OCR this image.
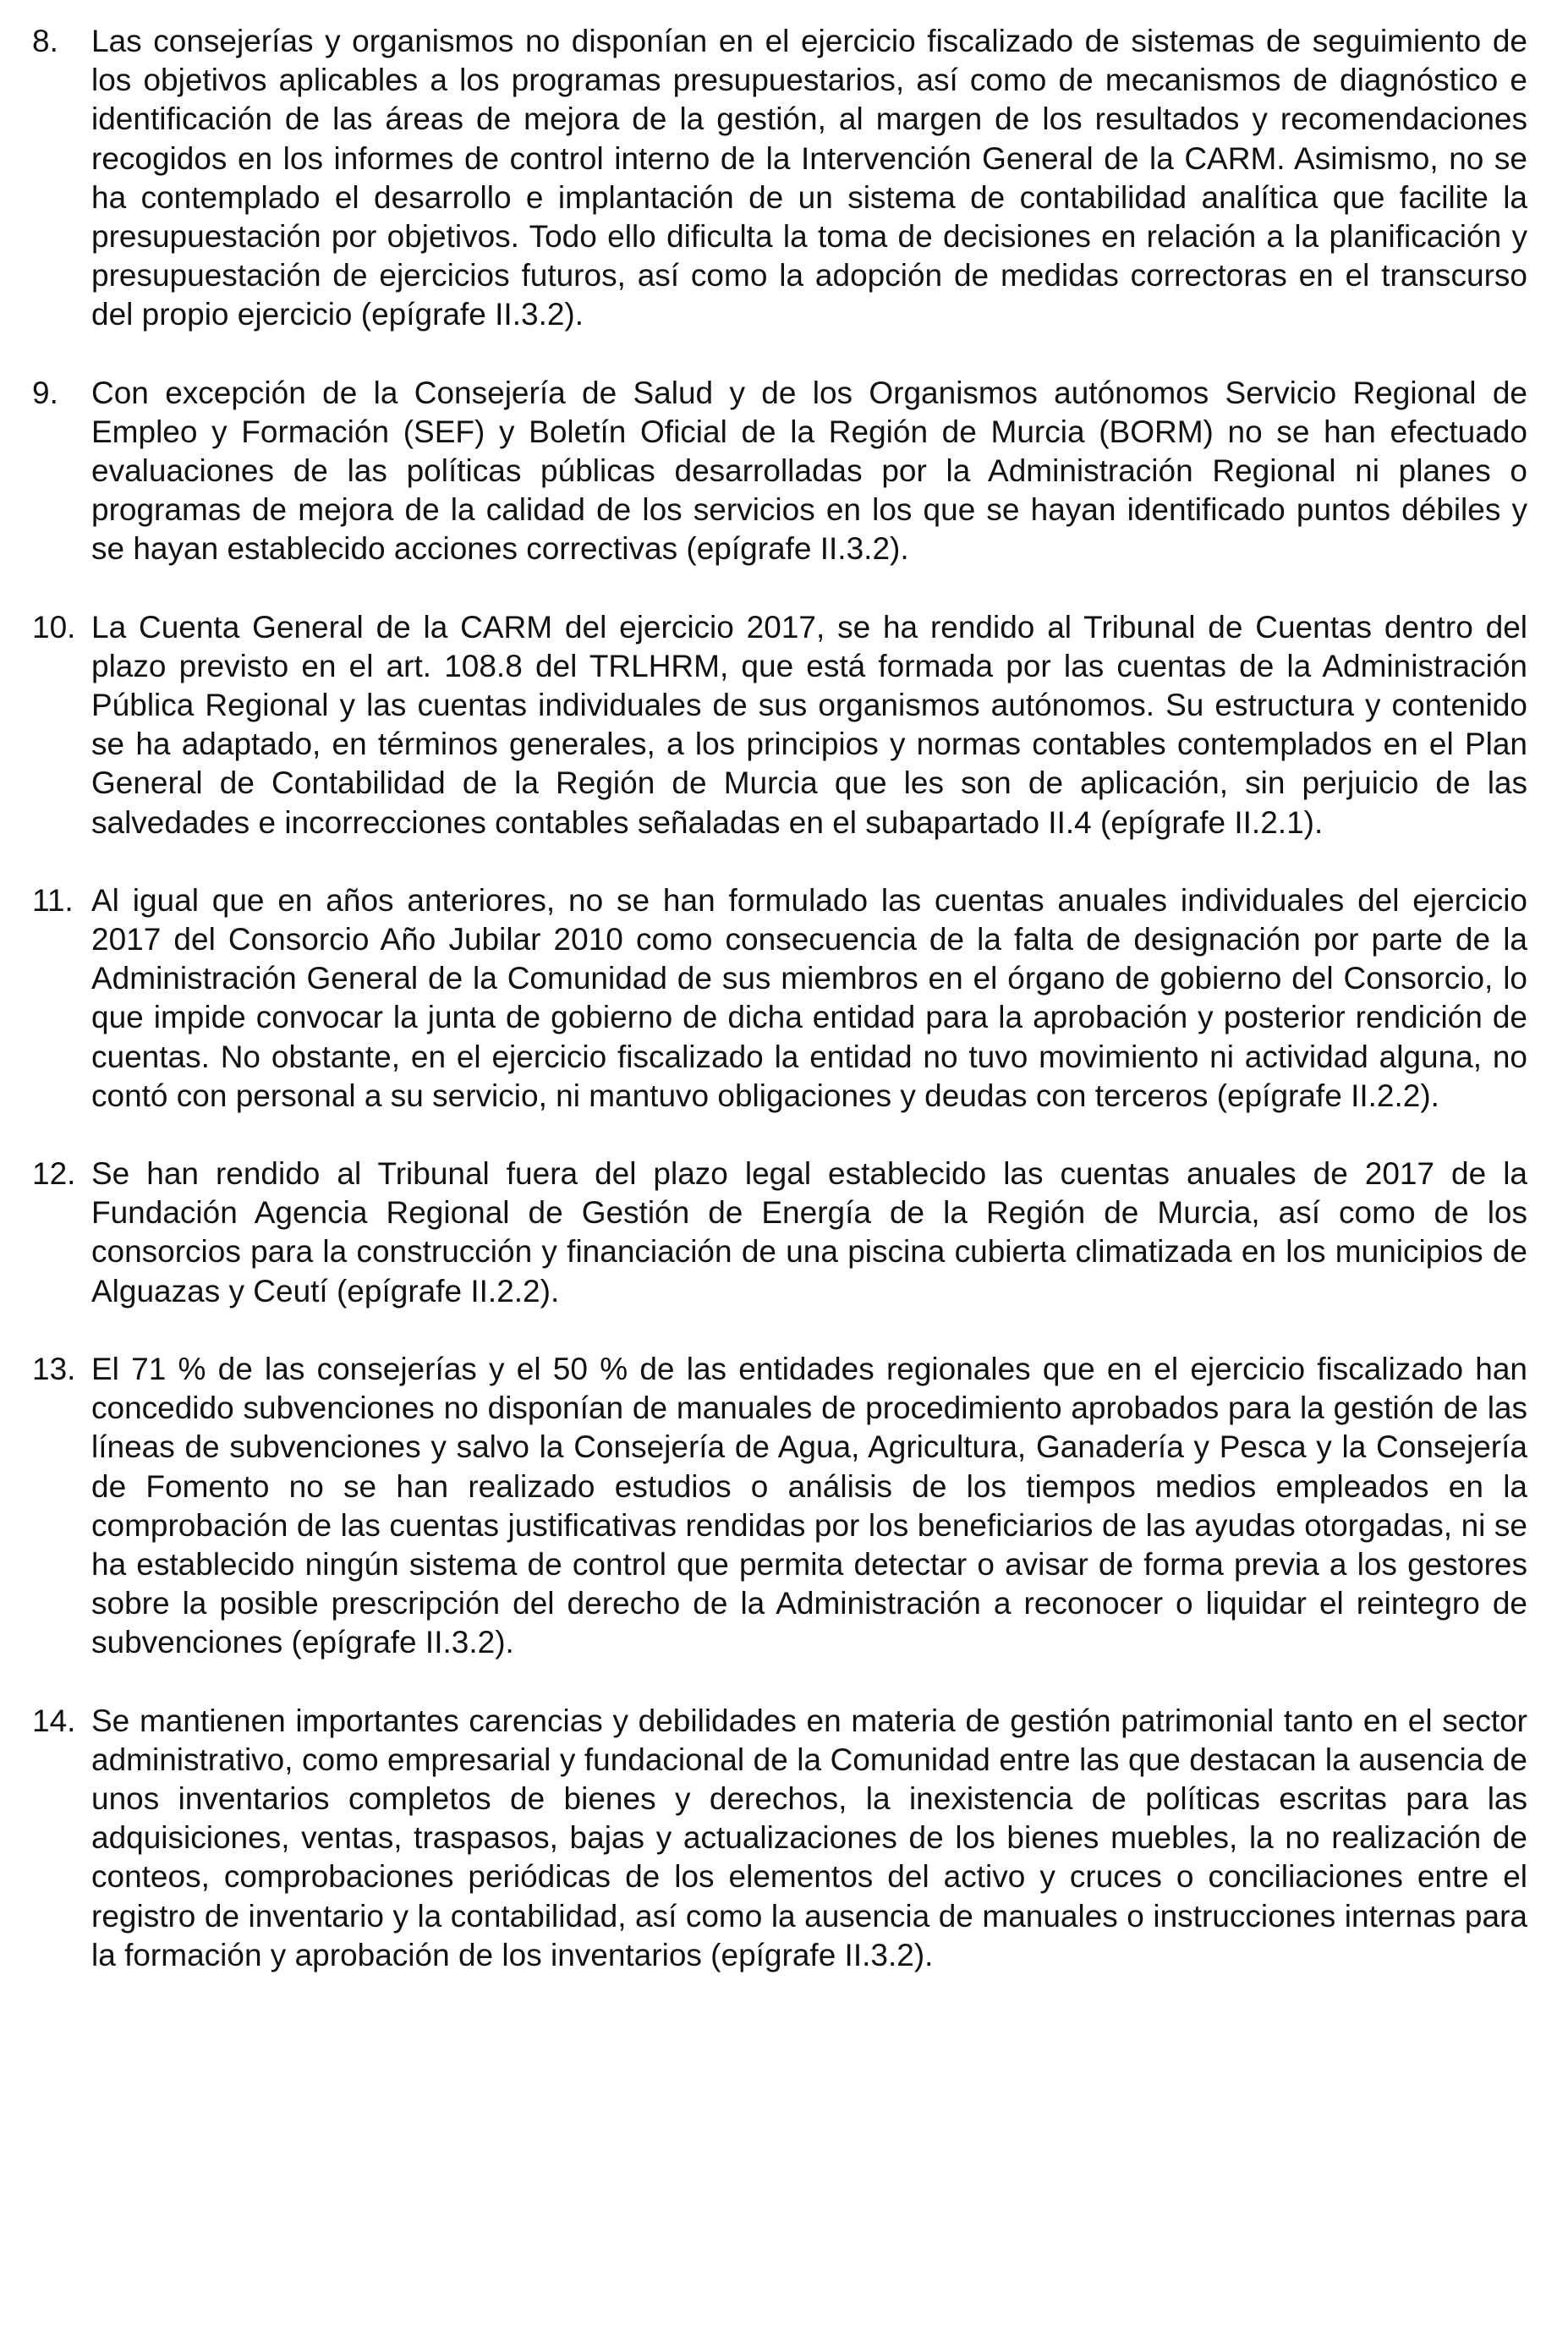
8.	Las consejerías y organismos no disponían en el ejercicio fiscalizado de sistemas de seguimiento de los objetivos aplicables a los programas presupuestarios, así como de mecanismos de diagnóstico e identificación de las áreas de mejora de la gestión, al margen de los resultados y recomendaciones recogidos en los informes de control interno de la Intervención General de la CARM. Asimismo, no se ha contemplado el desarrollo e implantación de un sistema de contabilidad analítica que facilite la presupuestación por objetivos. Todo ello dificulta la toma de decisiones en relación a la planificación y presupuestación de ejercicios futuros, así como la adopción de medidas correctoras en el transcurso del propio ejercicio (epígrafe II.3.2).
9.	Con excepción de la Consejería de Salud y de los Organismos autónomos Servicio Regional de Empleo y Formación (SEF) y Boletín Oficial de la Región de Murcia (BORM) no se han efectuado evaluaciones de las políticas públicas desarrolladas por la Administración Regional ni planes o programas de mejora de la calidad de los servicios en los que se hayan identificado puntos débiles y se hayan establecido acciones correctivas (epígrafe II.3.2).
10. La Cuenta General de la CARM del ejercicio 2017, se ha rendido al Tribunal de Cuentas dentro del plazo previsto en el art. 108.8 del TRLHRM, que está formada por las cuentas de la Administración Pública Regional y las cuentas individuales de sus organismos autónomos. Su estructura y contenido se ha adaptado, en términos generales, a los principios y normas contables contemplados en el Plan General de Contabilidad de la Región de Murcia que les son de aplicación, sin perjuicio de las salvedades e incorrecciones contables señaladas en el subapartado II.4 (epígrafe II.2.1).
11. Al igual que en años anteriores, no se han formulado las cuentas anuales individuales del ejercicio 2017 del Consorcio Año Jubilar 2010 como consecuencia de la falta de designación por parte de la Administración General de la Comunidad de sus miembros en el órgano de gobierno del Consorcio, lo que impide convocar la junta de gobierno de dicha entidad para la aprobación y posterior rendición de cuentas. No obstante, en el ejercicio fiscalizado la entidad no tuvo movimiento ni actividad alguna, no contó con personal a su servicio, ni mantuvo obligaciones y deudas con terceros (epígrafe II.2.2).
12. Se han rendido al Tribunal fuera del plazo legal establecido las cuentas anuales de 2017 de la Fundación Agencia Regional de Gestión de Energía de la Región de Murcia, así como de los consorcios para la construcción y financiación de una piscina cubierta climatizada en los municipios de Alguazas y Ceutí (epígrafe II.2.2).
13. El 71 % de las consejerías y el 50 % de las entidades regionales que en el ejercicio fiscalizado han concedido subvenciones no disponían de manuales de procedimiento aprobados para la gestión de las líneas de subvenciones y salvo la Consejería de Agua, Agricultura, Ganadería y Pesca y la Consejería de Fomento no se han realizado estudios o análisis de los tiempos medios empleados en la comprobación de las cuentas justificativas rendidas por los beneficiarios de las ayudas otorgadas, ni se ha establecido ningún sistema de control que permita detectar o avisar de forma previa a los gestores sobre la posible prescripción del derecho de la Administración a reconocer o liquidar el reintegro de subvenciones (epígrafe II.3.2).
14. Se mantienen importantes carencias y debilidades en materia de gestión patrimonial tanto en el sector administrativo, como empresarial y fundacional de la Comunidad entre las que destacan la ausencia de unos inventarios completos de bienes y derechos, la inexistencia de políticas escritas para las adquisiciones, ventas, traspasos, bajas y actualizaciones de los bienes muebles, la no realización de conteos, comprobaciones periódicas de los elementos del activo y cruces o conciliaciones entre el registro de inventario y la contabilidad, así como la ausencia de manuales o instrucciones internas para la formación y aprobación de los inventarios (epígrafe II.3.2).
